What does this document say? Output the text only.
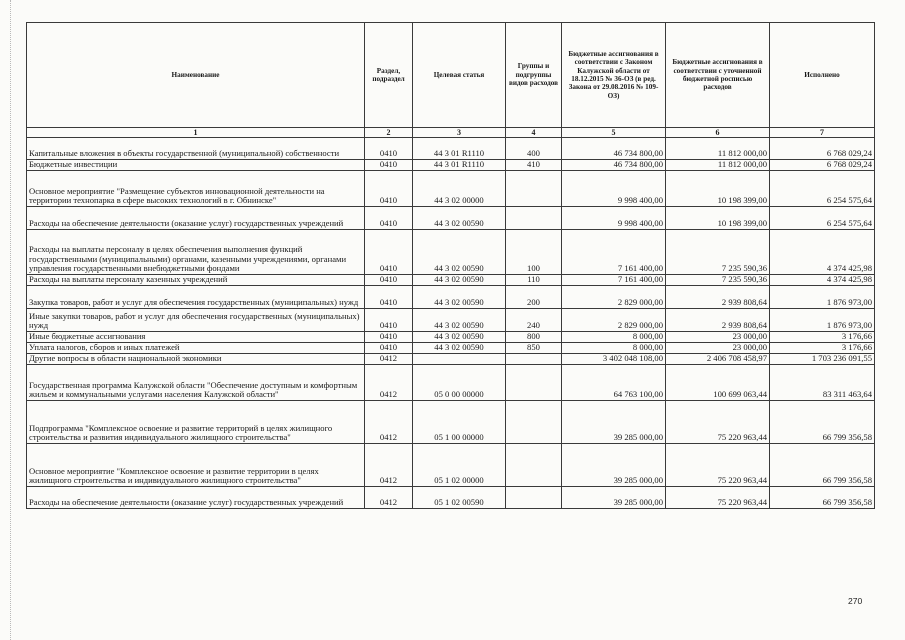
Наименование	Раздел, подраздел	Целевая статья	Группы и подгруппы видов расходов	Бюджетные ассигнования в соответствии с Законом Калужской области от 18.12.2015 № 36-ОЗ (в ред. Закона от 29.08.2016 № 109-ОЗ)	Бюджетные ассигнования в соответствии с уточненной бюджетной росписью расходов	Исполнено
1	2	3	4	5	6	7
Капитальные вложения в объекты государственной (муниципальной) собственности	0410	44 3 01 R1110	400	46 734 800,00	11 812 000,00	6 768 029,24
Бюджетные инвестиции	0410	44 3 01 R1110	410	46 734 800,00	11 812 000,00	6 768 029,24
Основное мероприятие "Размещение субъектов инновационной деятельности на территории технопарка в сфере высоких технологий в г. Обнинске"	0410	44 3 02 00000		9 998 400,00	10 198 399,00	6 254 575,64
Расходы на обеспечение деятельности (оказание услуг) государственных учреждений	0410	44 3 02 00590		9 998 400,00	10 198 399,00	6 254 575,64
Расходы на выплаты персоналу в целях обеспечения выполнения функций государственными (муниципальными) органами, казенными учреждениями, органами управления государственными внебюджетными фондами	0410	44 3 02 00590	100	7 161 400,00	7 235 590,36	4 374 425,98
Расходы на выплаты персоналу казенных учреждений	0410	44 3 02 00590	110	7 161 400,00	7 235 590,36	4 374 425,98
Закупка товаров, работ и услуг для обеспечения государственных (муниципальных) нужд	0410	44 3 02 00590	200	2 829 000,00	2 939 808,64	1 876 973,00
Иные закупки товаров, работ и услуг для обеспечения государственных (муниципальных) нужд	0410	44 3 02 00590	240	2 829 000,00	2 939 808,64	1 876 973,00
Иные бюджетные ассигнования	0410	44 3 02 00590	800	8 000,00	23 000,00	3 176,66
Уплата налогов, сборов и иных платежей	0410	44 3 02 00590	850	8 000,00	23 000,00	3 176,66
Другие вопросы в области национальной экономики	0412			3 402 048 108,00	2 406 708 458,97	1 703 236 091,55
Государственная программа Калужской области "Обеспечение доступным и комфортным жильем и коммунальными услугами населения Калужской области"	0412	05 0 00 00000		64 763 100,00	100 699 063,44	83 311 463,64
Подпрограмма "Комплексное освоение и развитие территорий в целях жилищного строительства и развития индивидуального жилищного строительства"	0412	05 1 00 00000		39 285 000,00	75 220 963,44	66 799 356,58
Основное мероприятие "Комплексное освоение и развитие территории в целях жилищного строительства и индивидуального жилищного строительства"	0412	05 1 02 00000		39 285 000,00	75 220 963,44	66 799 356,58
Расходы на обеспечение деятельности (оказание услуг) государственных учреждений	0412	05 1 02 00590		39 285 000,00	75 220 963,44	66 799 356,58
270
